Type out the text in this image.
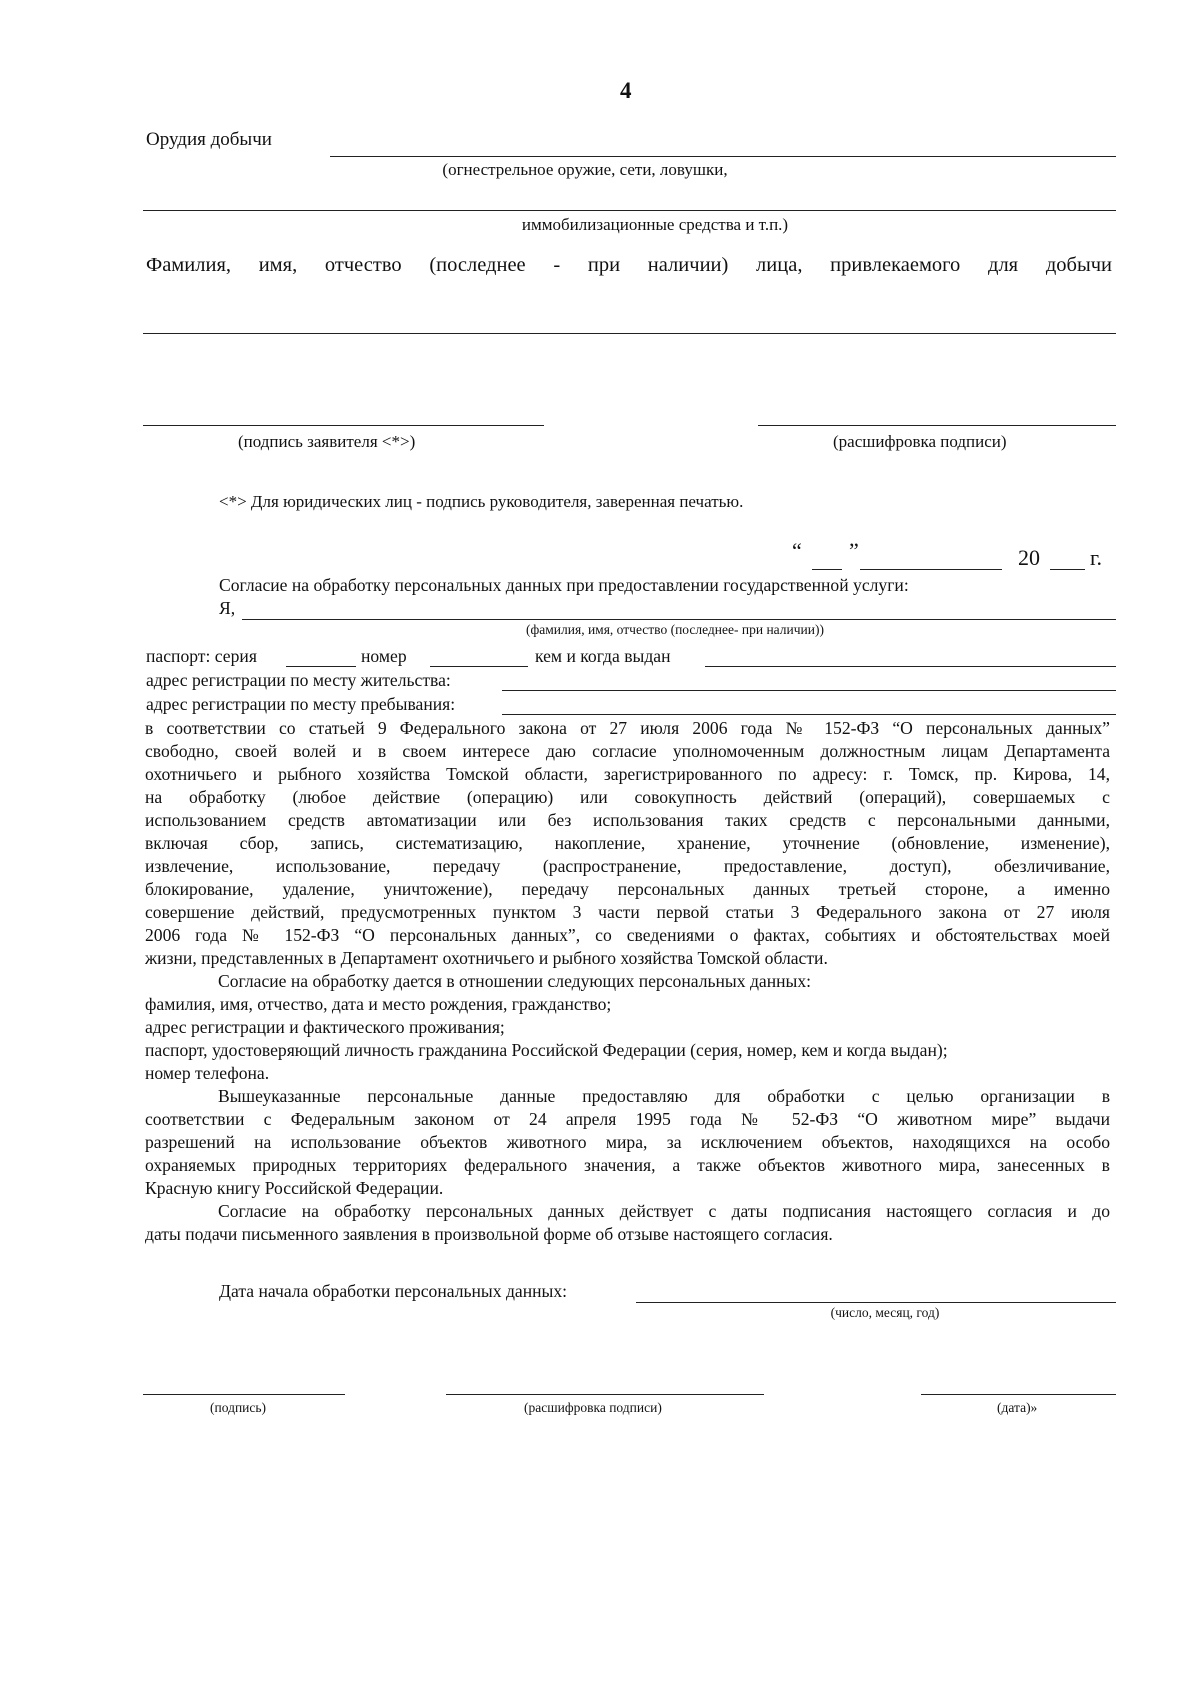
4
Орудия добычи
(огнестрельное оружие, сети, ловушки,
иммобилизационные средства и т.п.)
Фамилия, имя, отчество (последнее - при наличии) лица, привлекаемого для добычи
(подпись заявителя <*>)	(расшифровка подписи)
<*> Для юридических лиц - подпись руководителя, заверенная печатью.
“ ”	20 г.
Согласие на обработку персональных данных при предоставлении государственной услуги:
Я,
(фамилия, имя, отчество (последнее- при наличии))
паспорт: серия	номер	кем и когда выдан
адрес регистрации по месту жительства:
адрес регистрации по месту пребывания:
в соответствии со статьей 9 Федерального закона от 27 июля 2006 года № 152-ФЗ “О персональных данных”
свободно, своей волей и в своем интересе даю согласие уполномоченным должностным лицам Департамента
охотничьего и рыбного хозяйства Томской области, зарегистрированного по адресу: г. Томск, пр. Кирова, 14,
на обработку (любое действие (операцию) или совокупность действий (операций), совершаемых с
использованием средств автоматизации или без использования таких средств с персональными данными,
включая сбор, запись, систематизацию, накопление, хранение, уточнение (обновление, изменение),
извлечение, использование, передачу (распространение, предоставление, доступ), обезличивание,
блокирование, удаление, уничтожение), передачу персональных данных третьей стороне, а именно
совершение действий, предусмотренных пунктом 3 части первой статьи 3 Федерального закона от 27 июля
2006 года № 152-ФЗ “О персональных данных”, со сведениями о фактах, событиях и обстоятельствах моей
жизни, представленных в Департамент охотничьего и рыбного хозяйства Томской области.
Согласие на обработку дается в отношении следующих персональных данных:
фамилия, имя, отчество, дата и место рождения, гражданство;
адрес регистрации и фактического проживания;
паспорт, удостоверяющий личность гражданина Российской Федерации (серия, номер, кем и когда выдан);
номер телефона.
Вышеуказанные персональные данные предоставляю для обработки с целью организации в
соответствии с Федеральным законом от 24 апреля 1995 года № 52-ФЗ “О животном мире” выдачи
разрешений на использование объектов животного мира, за исключением объектов, находящихся на особо
охраняемых природных территориях федерального значения, а также объектов животного мира, занесенных в
Красную книгу Российской Федерации.
Согласие на обработку персональных данных действует с даты подписания настоящего согласия и до
даты подачи письменного заявления в произвольной форме об отзыве настоящего согласия.
Дата начала обработки персональных данных:
(число, месяц, год)
(подпись)	(расшифровка подписи)	(дата)»
